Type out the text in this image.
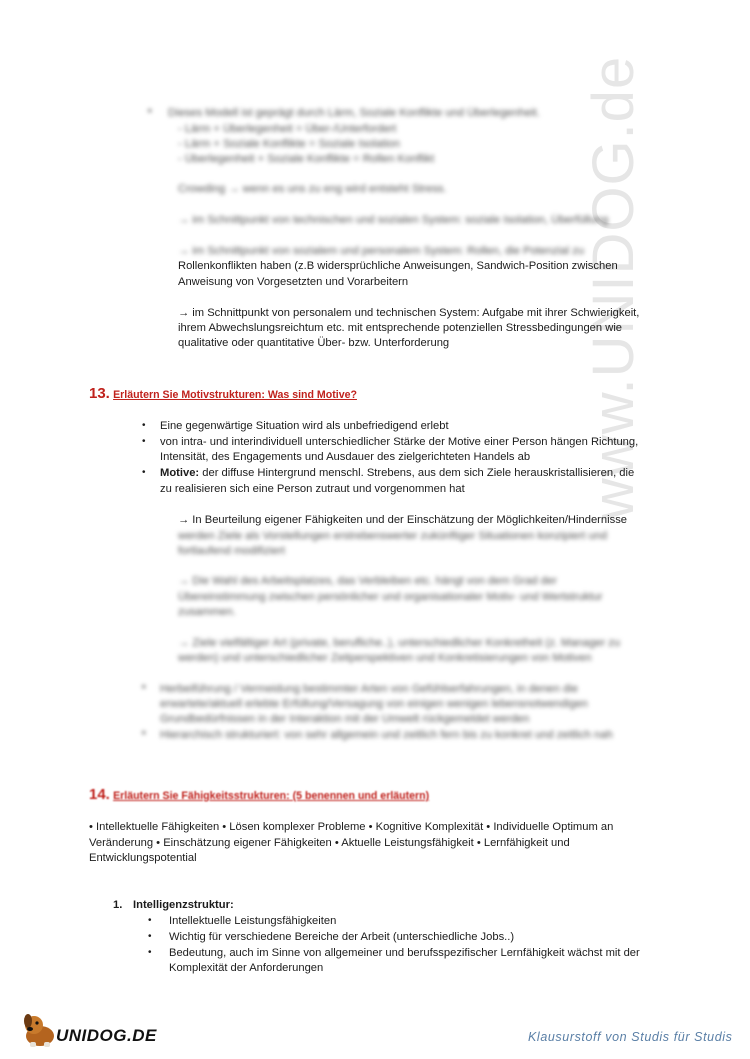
www.UNIDOG.de
• Dieses Modell ist geprägt durch Lärm, Soziale Konflikte und Überlegenheit.
- Lärm + Überlegenheit = Über-/Unterfordert
- Lärm + Soziale Konflikte = Soziale Isolation
- Überlegenheit + Soziale Konflikte = Rollen Konflikt
Crowding → wenn es uns zu eng wird entsteht Stress.
→ im Schnittpunkt von technischen und sozialen System: soziale Isolation, Überfüllung
→ im Schnittpunkt von sozialem und personalem System: Rollen, die Potenzial zu
Rollenkonflikten haben (z.B widersprüchliche Anweisungen, Sandwich-Position zwischen
Anweisung von Vorgesetzten und Vorarbeitern
→ im Schnittpunkt von personalem und technischen System: Aufgabe mit ihrer Schwierigkeit,
ihrem Abwechslungsreichtum etc. mit entsprechende potenziellen Stressbedingungen wie
qualitative oder quantitative Über- bzw. Unterforderung
13. Erläutern Sie Motivstrukturen: Was sind Motive?
• Eine gegenwärtige Situation wird als unbefriedigend erlebt
• von intra- und interindividuell unterschiedlicher Stärke der Motive einer Person hängen Richtung,
Intensität, des Engagements und Ausdauer des zielgerichteten Handels ab
• Motive: der diffuse Hintergrund menschl. Strebens, aus dem sich Ziele herauskristallisieren, die
zu realisieren sich eine Person zutraut und vorgenommen hat
→ In Beurteilung eigener Fähigkeiten und der Einschätzung der Möglichkeiten/Hindernisse
werden Ziele als Vorstellungen erstrebenswerter zukünftiger Situationen konzipiert und
fortlaufend modifiziert
→ Die Wahl des Arbeitsplatzes, das Verbleiben etc. hängt von dem Grad der
Übereinstimmung zwischen persönlicher und organisationaler Motiv- und Wertstruktur
zusammen.
→ Ziele vielfältiger Art (private, berufliche..), unterschiedlicher Konkretheit (z. Manager zu
werden) und unterschiedlicher Zeitperspektiven und Konkretisierungen von Motiven
• Herbeiführung / Vermeidung bestimmter Arten von Gefühlserfahrungen, in denen die
erwartete/aktuell erlebte Erfüllung/Versagung von einigen wenigen lebensnotwendigen
Grundbedürfnissen in der Interaktion mit der Umwelt rückgemeldet werden
• Hierarchisch strukturiert: von sehr allgemein und zeitlich fern bis zu konkret und zeitlich nah
14. Erläutern Sie Fähigkeitsstrukturen: (5 benennen und erläutern)
• Intellektuelle Fähigkeiten • Lösen komplexer Probleme • Kognitive Komplexität • Individuelle Optimum an
Veränderung • Einschätzung eigener Fähigkeiten • Aktuelle Leistungsfähigkeit • Lernfähigkeit und
Entwicklungspotential
1. Intelligenzstruktur:
• Intellektuelle Leistungsfähigkeiten
• Wichtig für verschiedene Bereiche der Arbeit (unterschiedliche Jobs..)
• Bedeutung, auch im Sinne von allgemeiner und berufsspezifischer Lernfähigkeit wächst mit der
Komplexität der Anforderungen
UNIDOG.DE	Klausurstoff von Studis für Studis
